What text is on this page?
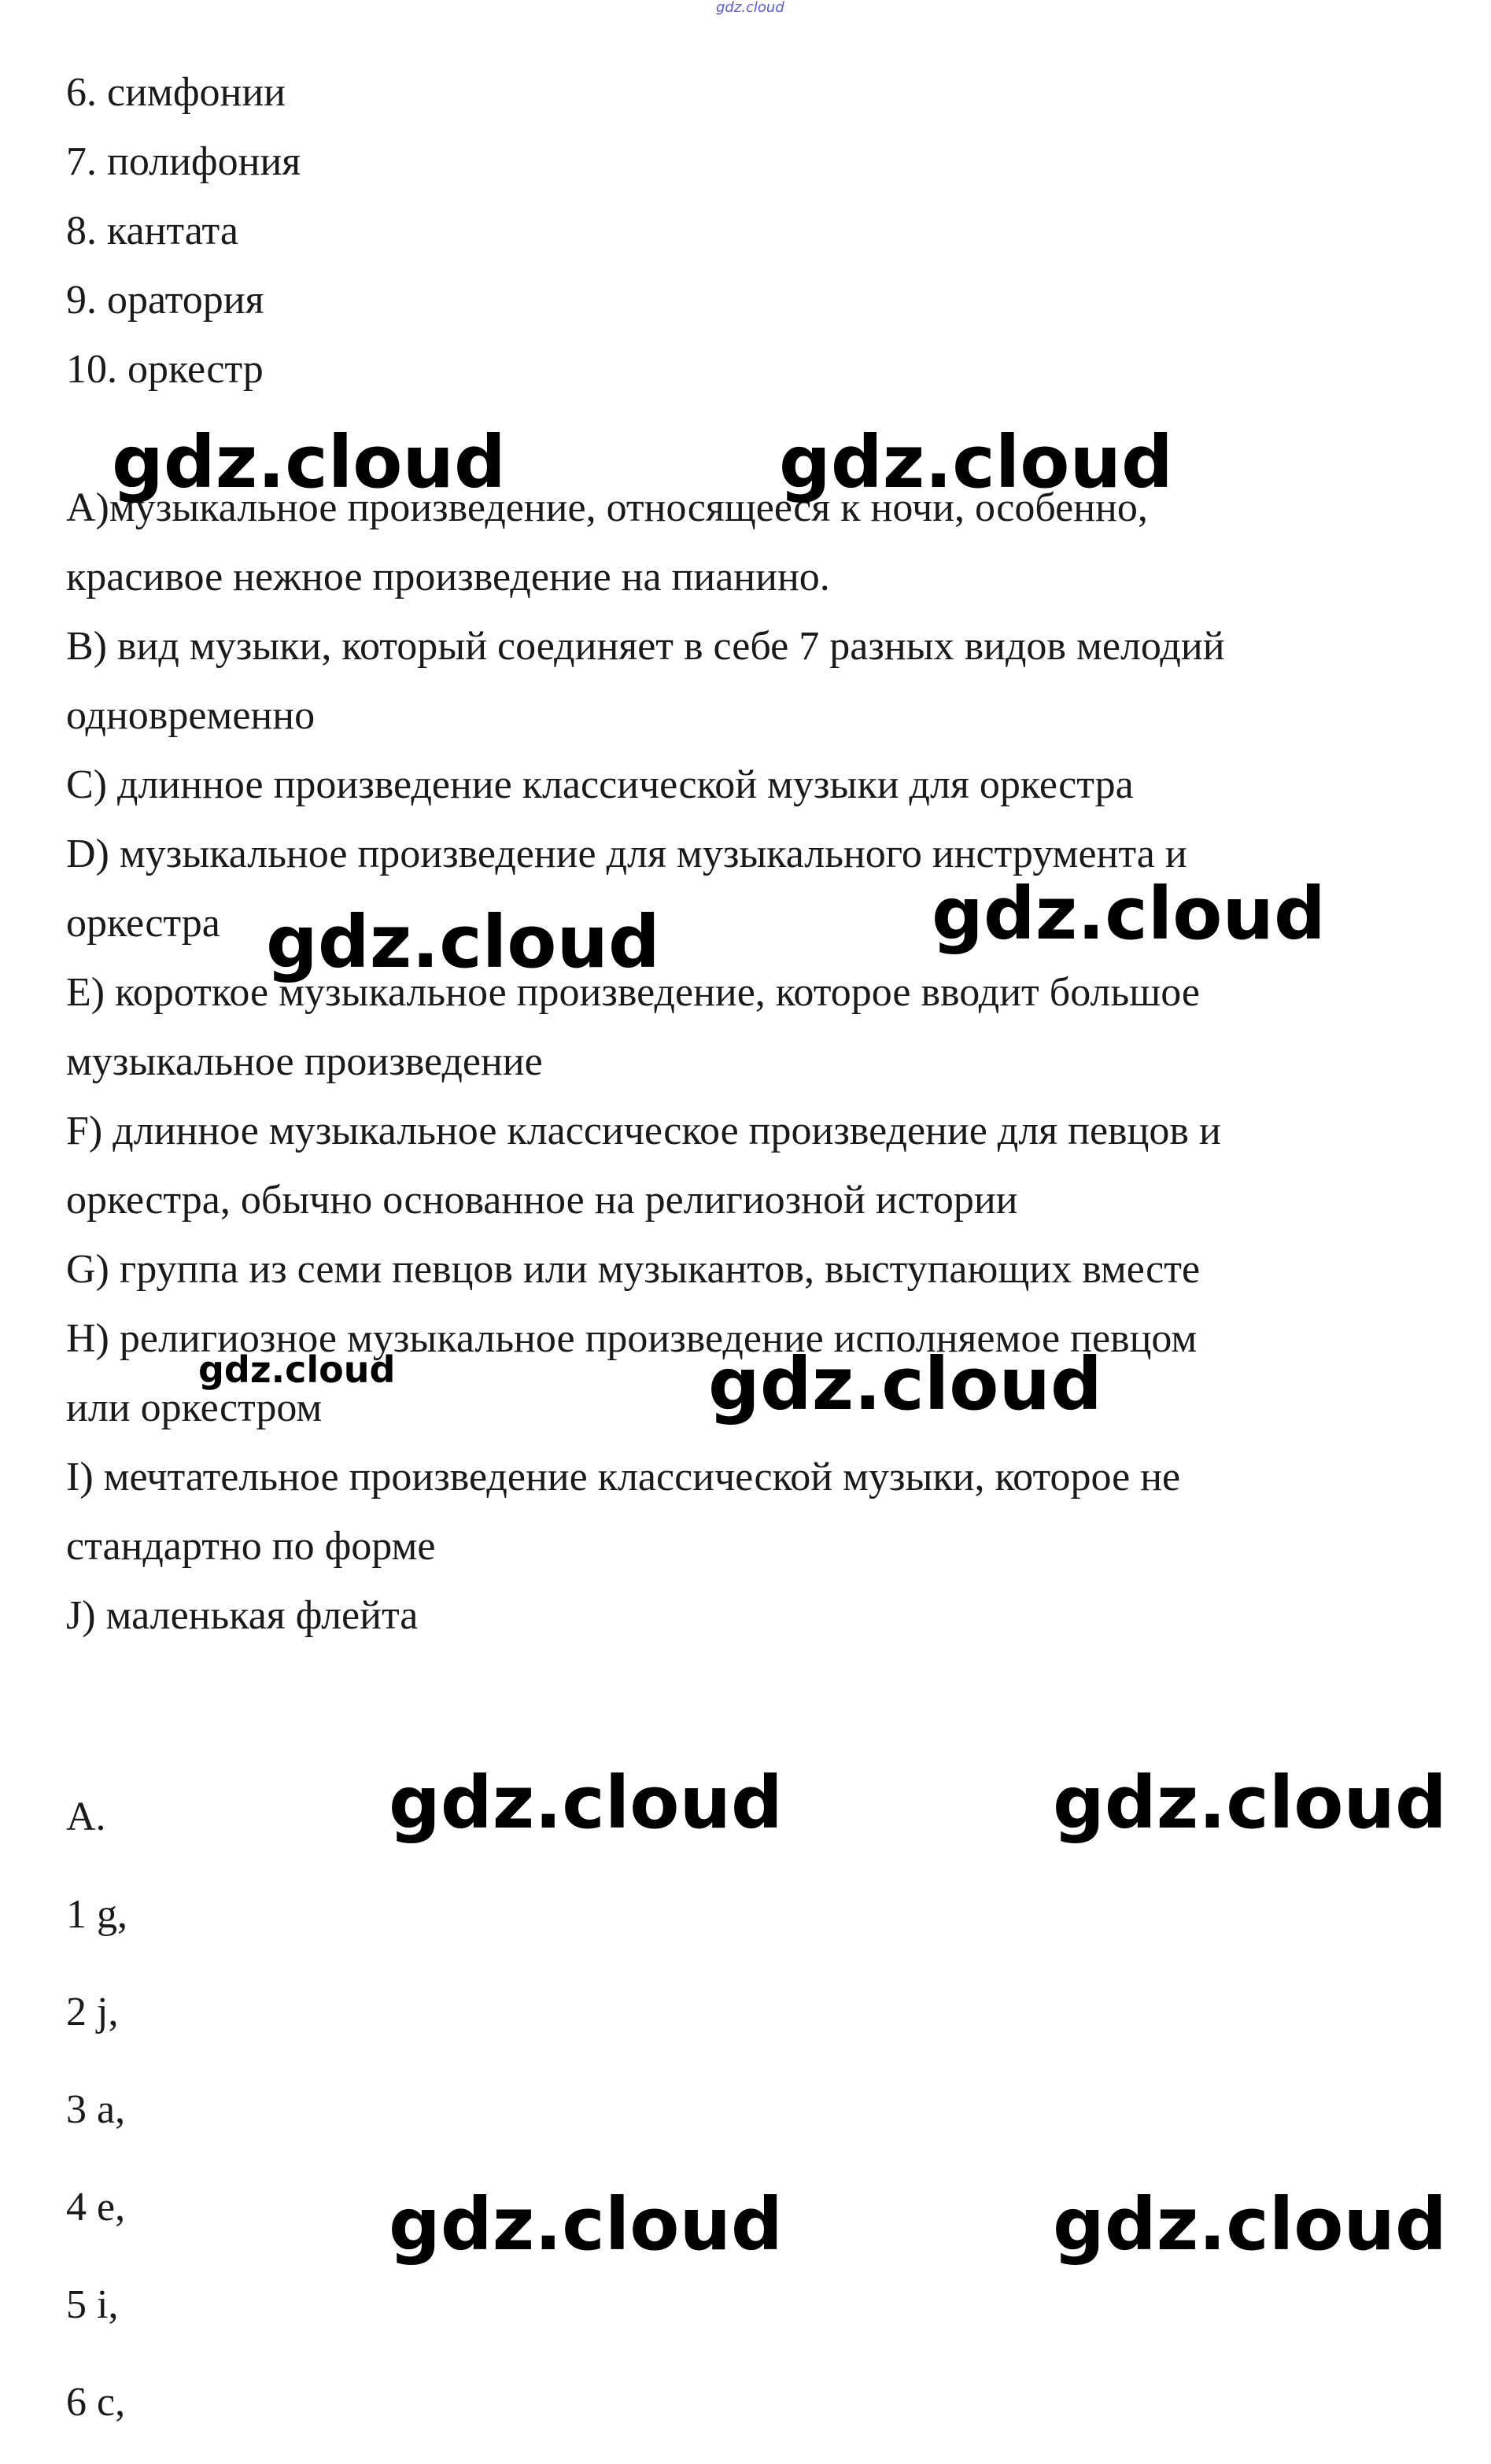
gdz.cloud
6. симфонии
7. полифония
8. кантата
9. оратория
10. оркестр
A)музыкальное произведение, относящееся к ночи, особенно,
красивое нежное произведение на пианино.
B) вид музыки, который соединяет в себе 7 разных видов мелодий
одновременно
C) длинное произведение классической музыки для оркестра
D) музыкальное произведение для музыкального инструмента и
оркестра
E) короткое музыкальное произведение, которое вводит большое
музыкальное произведение
F) длинное музыкальное классическое произведение для певцов и
оркестра, обычно основанное на религиозной истории
G) группа из семи певцов или музыкантов, выступающих вместе
H) религиозное музыкальное произведение исполняемое певцом
или оркестром
I) мечтательное произведение классической музыки, которое не
стандартно по форме
J) маленькая флейта
A.
1 g,
2 j,
3 a,
4 e,
5 i,
6 c,
gdz.cloud	gdz.cloud
gdz.cloud
gdz.cloud
gdz.cloud	gdz.cloud
gdz.cloud	gdz.cloud
gdz.cloud	gdz.cloud
